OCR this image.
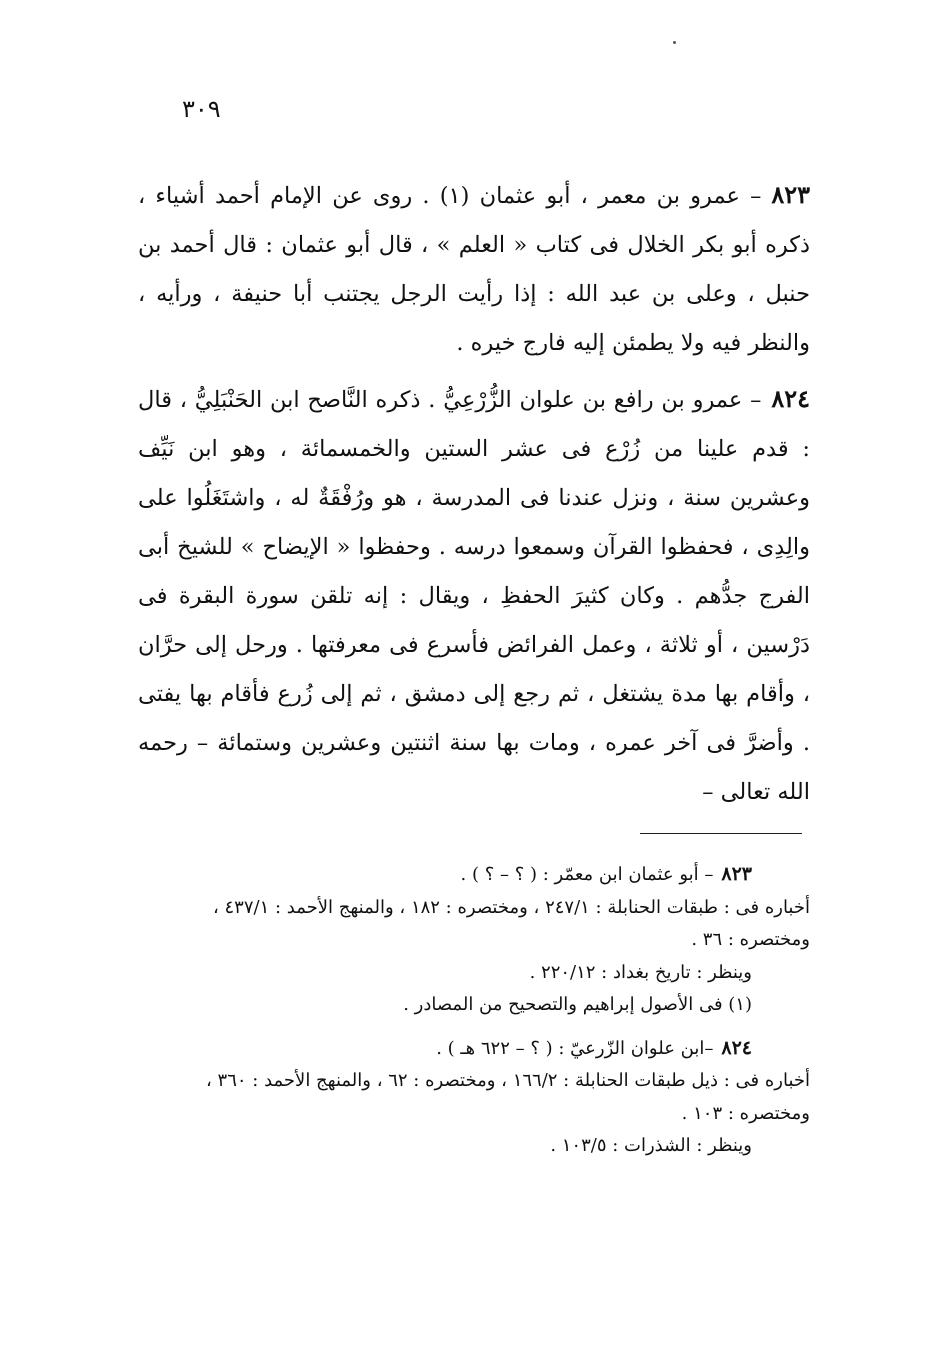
٣٠٩

٨٢٣– عمرو بن معمر ، أبو عثمان (١) . روى عن الإمام أحمد أشياء ، ذكره أبو بكر الخلال فى كتاب « العلم » ، قال أبو عثمان : قال أحمد بن حنبل ، وعلى بن عبد الله : إذا رأيت الرجل يجتنب أبا حنيفة ، ورأيه ، والنظر فيه ولا يطمئن إليه فارج خيره .

٨٢٤– عمرو بن رافع بن علوان الزُّرْعِيُّ . ذكره النَّاصح ابن الحَنْبَلِيُّ ، قال : قدم علينا من زُرْع فى عشر الستين والخمسمائة ، وهو ابن نَيِّف وعشرين سنة ، ونزل عندنا فى المدرسة ، هو ورُفْقَةٌ له ، واشتَغَلُوا على والِدِى ، فحفظوا القرآن وسمعوا درسه . وحفظوا « الإيضاح » للشيخ أبى الفرج جدُّهم . وكان كثيرَ الحفظِ ، ويقال : إنه تلقن سورة البقرة فى دَرْسين ، أو ثلاثة ، وعمل الفرائض فأسرع فى معرفتها . ورحل إلى حرَّان ، وأقام بها مدة يشتغل ، ثم رجع إلى دمشق ، ثم إلى زُرع فأقام بها يفتى . وأضرَّ فى آخر عمره ، ومات بها سنة اثنتين وعشرين وستمائة – رحمه الله تعالى –

٨٢٣– أبو عثمان ابن معمّر : ( ؟ – ؟ ) .

أخباره فى : طبقات الحنابلة : ٢٤٧/١ ، ومختصره : ١٨٢ ، والمنهج الأحمد : ٤٣٧/١ ، ومختصره : ٣٦ .

وينظر : تاريخ بغداد : ٢٢٠/١٢ .

(١) فى الأصول إبراهيم والتصحيح من المصادر .

٨٢٤–ابن علوان الزّرعيّ : ( ؟ – ٦٢٢ هـ ) .

أخباره فى : ذيل طبقات الحنابلة : ١٦٦/٢ ، ومختصره : ٦٢ ، والمنهج الأحمد : ٣٦٠ ، ومختصره : ١٠٣ .

وينظر : الشذرات : ١٠٣/٥ .
